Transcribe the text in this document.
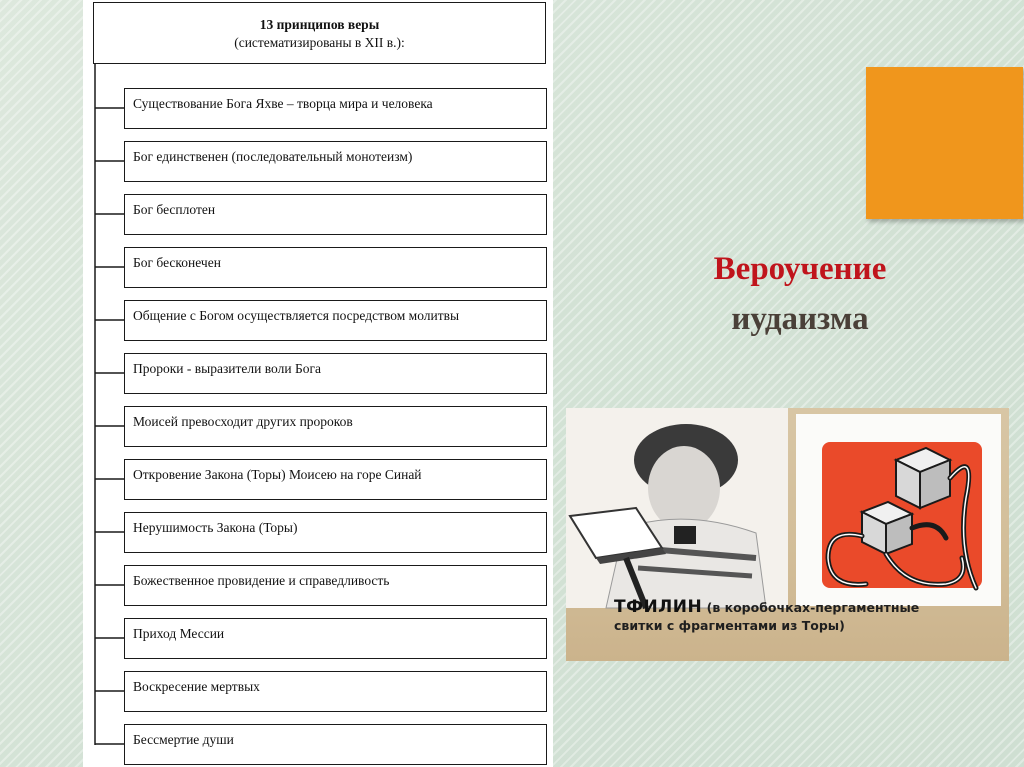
13 принципов веры
(систематизированы в XII в.):
Существование Бога Яхве – творца мира и человека
Бог единственен (последовательный монотеизм)
Бог бесплотен
Бог бесконечен
Общение с Богом осуществляется посредством молитвы
Пророки - выразители воли Бога
Моисей превосходит других пророков
Откровение Закона (Торы) Моисею на горе Синай
Нерушимость Закона (Торы)
Божественное провидение и справедливость
Приход Мессии
Воскресение мертвых
Бессмертие души
Вероучение
иудаизма
ТФИЛИН (в коробочках-пергаментные свитки с фрагментами из Торы)
